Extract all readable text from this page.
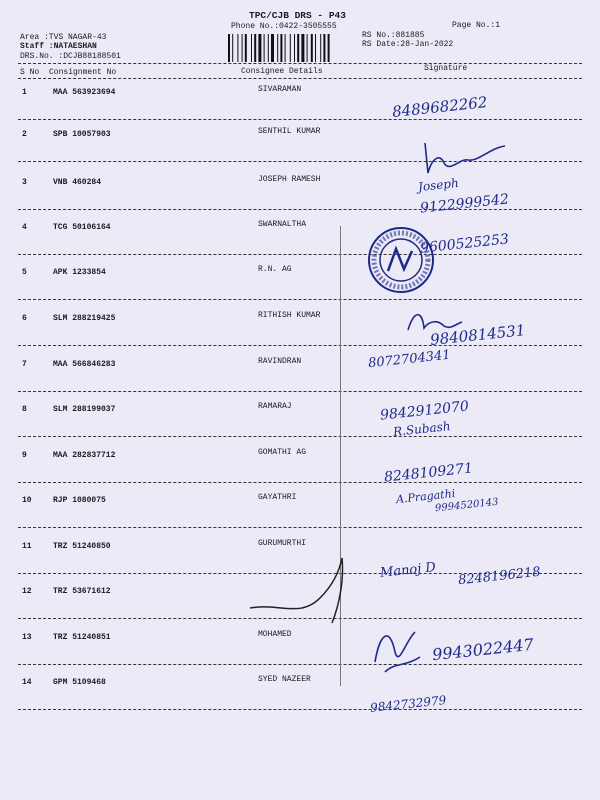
TPC/CJB DRS - P43
Phone No.:0422-3505555	Page No.:1
Area :TVS NAGAR-43
Staff :NATAESHAN
DRS.No. :DCJB88188501
RS No.:881885
RS Date:28-Jan-2022
S No Consignment No	Consignee Details	Signature
1	MAA 563923694	SIVARAMAN
8489682262
2	SPB 10057903	SENTHIL KUMAR
3	VNB 460284	JOSEPH RAMESH	Joseph
9122999542
4	TCG 50106164	SWARNALTHA
9600525253
5	APK 1233854	R.N. AG
6	SLM 288219425	RITHISH KUMAR
9840814531
7	MAA 566846283	RAVINDRAN	8072704341
8	SLM 288199037	RAMARAJ	9842912070
R.Subash
9	MAA 282837712	GOMATHI AG
8248109271
10	RJP 1080075	GAYATHRI	A.Pragathi
9994520143
11	TRZ 51240850	GURUMURTHI
Manoj D 8248196218
12	TRZ 53671612
13	TRZ 51240851	MOHAMED
9943022447
14	GPM 5109468	SYED NAZEER
9842732979
